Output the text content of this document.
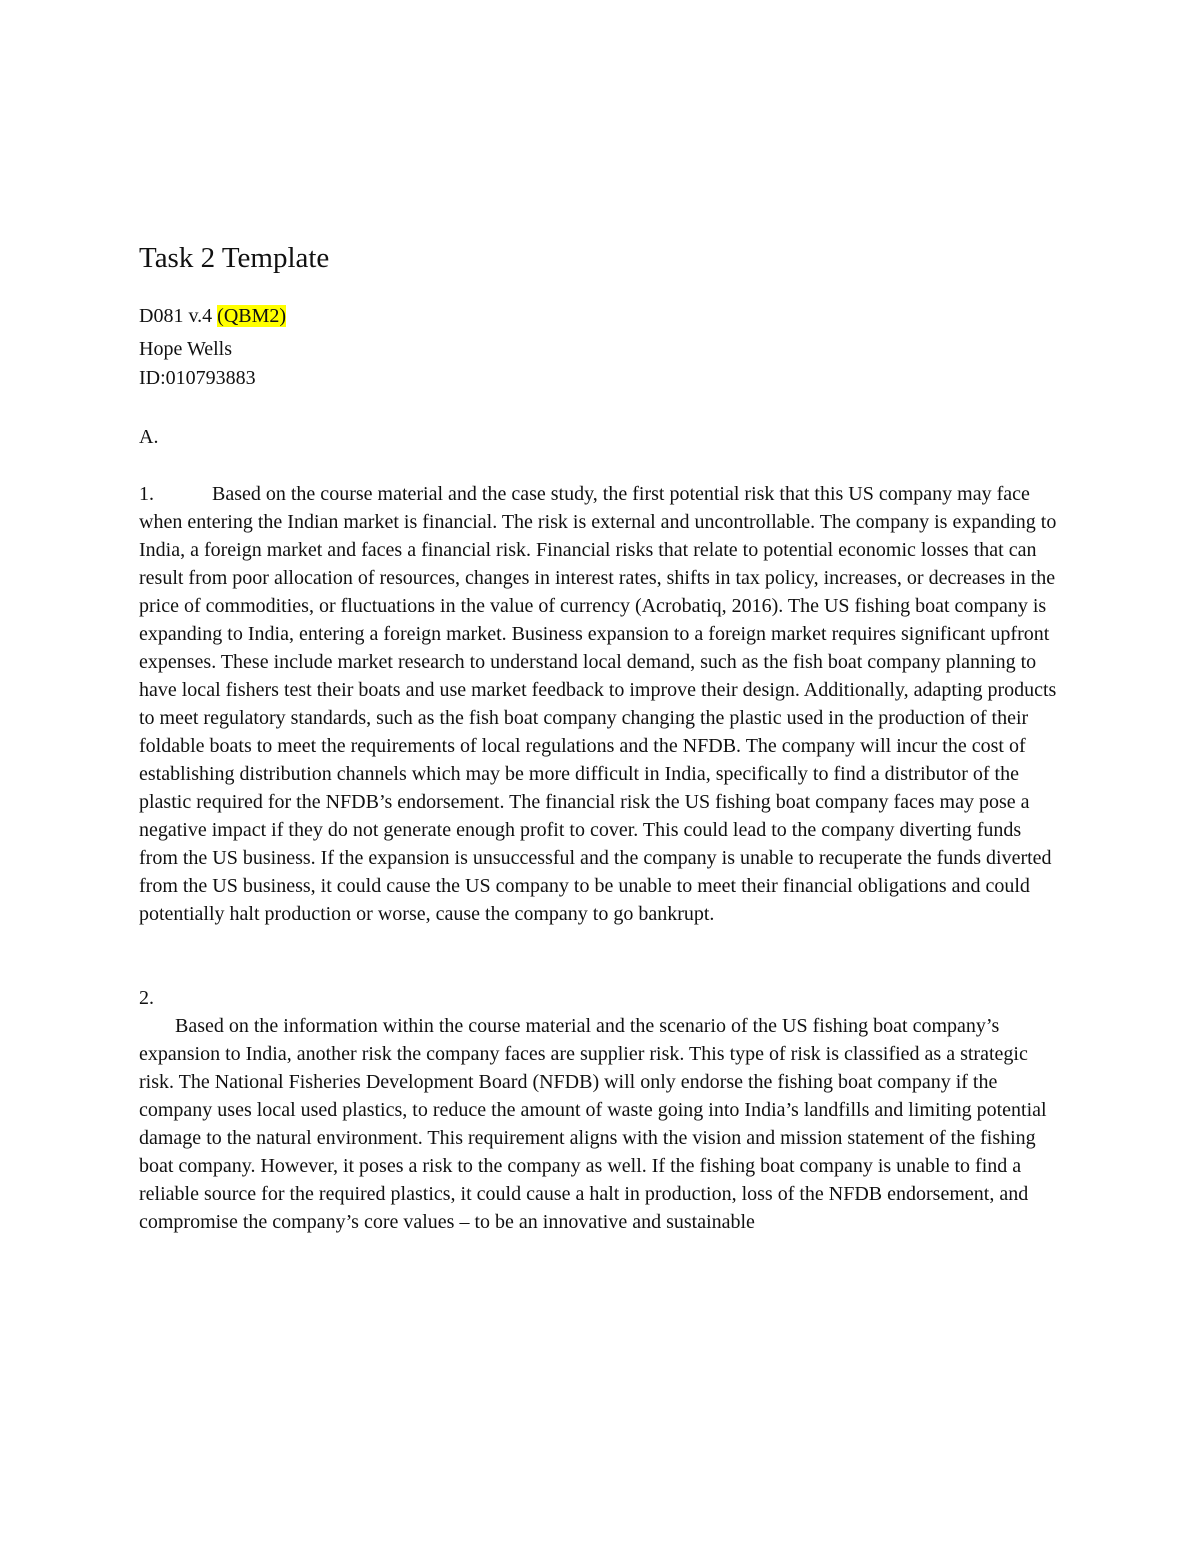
Task 2 Template

D081 v.4 (QBM2)

Hope Wells

ID:010793883

A.

1.	Based on the course material and the case study, the first potential risk that this US company may face when entering the Indian market is financial. The risk is external and uncontrollable. The company is expanding to India, a foreign market and faces a financial risk. Financial risks that relate to potential economic losses that can result from poor allocation of resources, changes in interest rates, shifts in tax policy, increases, or decreases in the price of commodities, or fluctuations in the value of currency (Acrobatiq, 2016). The US fishing boat company is expanding to India, entering a foreign market. Business expansion to a foreign market requires significant upfront expenses. These include market research to understand local demand, such as the fish boat company planning to have local fishers test their boats and use market feedback to improve their design. Additionally, adapting products to meet regulatory standards, such as the fish boat company changing the plastic used in the production of their foldable boats to meet the requirements of local regulations and the NFDB. The company will incur the cost of establishing distribution channels which may be more difficult in India, specifically to find a distributor of the plastic required for the NFDB’s endorsement. The financial risk the US fishing boat company faces may pose a negative impact if they do not generate enough profit to cover. This could lead to the company diverting funds from the US business. If the expansion is unsuccessful and the company is unable to recuperate the funds diverted from the US business, it could cause the US company to be unable to meet their financial obligations and could potentially halt production or worse, cause the company to go bankrupt.

2.

Based on the information within the course material and the scenario of the US fishing boat company’s expansion to India, another risk the company faces are supplier risk. This type of risk is classified as a strategic risk. The National Fisheries Development Board (NFDB) will only endorse the fishing boat company if the company uses local used plastics, to reduce the amount of waste going into India’s landfills and limiting potential damage to the natural environment. This requirement aligns with the vision and mission statement of the fishing boat company. However, it poses a risk to the company as well. If the fishing boat company is unable to find a reliable source for the required plastics, it could cause a halt in production, loss of the NFDB endorsement, and compromise the company’s core values – to be an innovative and sustainable
